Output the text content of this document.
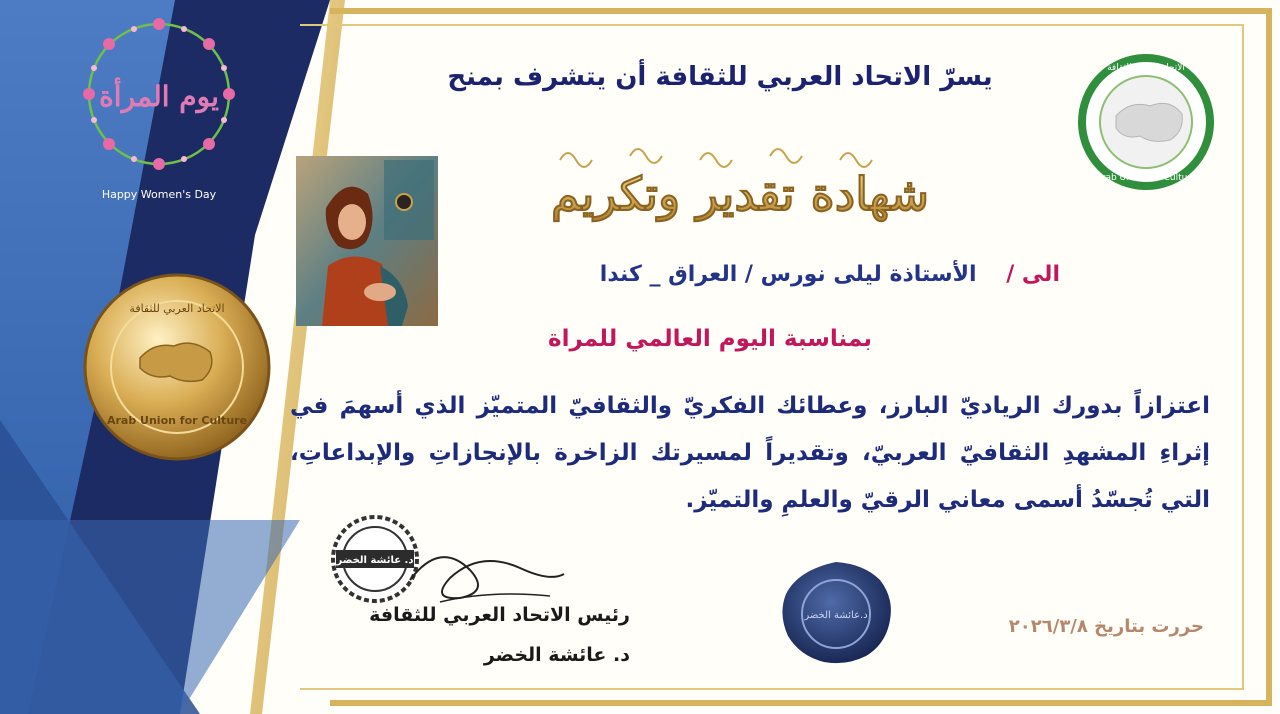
يوم المرأة
Happy Women's Day
الاتحاد العربي للثقافة
Arab Union for Culture
الاتحاد العربي للثقافة
Arab Union for Culture
يسرّ الاتحاد العربي للثقافة أن يتشرف بمنح
شهادة تقدير وتكريم
الى / الأستاذة ليلى نورس / العراق _ كندا
بمناسبة اليوم العالمي للمراة
اعتزازاً بدورك الرياديّ البارز، وعطائك الفكريّ والثقافيّ المتميّز الذي أسهمَ في إثراءِ المشهدِ الثقافيّ العربيّ، وتقديراً لمسيرتك الزاخرة بالإنجازاتِ والإبداعاتِ، التي تُجسّدُ أسمى معاني الرقيّ والعلمِ والتميّز.
د. عائشة الخضر
د.عائشة الخضر
حررت بتاريخ ٢٠٢٦/٣/٨
رئيس الاتحاد العربي للثقافة
د. عائشة الخضر
